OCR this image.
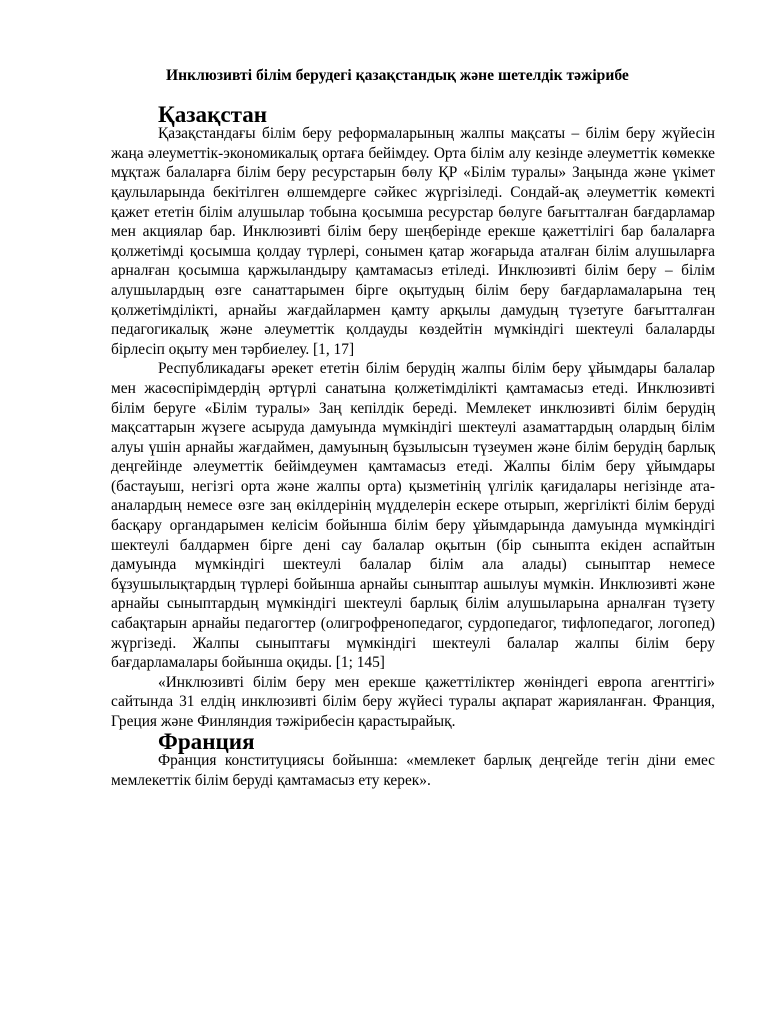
Инклюзивті білім берудегі қазақстандық және шетелдік тәжірибе
Қазақстан

Қазақстандағы білім беру реформаларының жалпы мақсаты – білім беру жүйесін жаңа әлеуметтік-экономикалық ортаға бейімдеу. Орта білім алу кезінде әлеуметтік көмекке мұқтаж балаларға білім беру ресурстарын бөлу ҚР «Білім туралы» Заңында және үкімет қаулыларында бекітілген өлшемдерге сәйкес жүргізіледі. Сондай-ақ әлеуметтік көмекті қажет ететін білім алушылар тобына қосымша ресурстар бөлуге бағытталған бағдарламар мен акциялар бар. Инклюзивті білім беру шеңберінде ерекше қажеттілігі бар балаларға қолжетімді қосымша қолдау түрлері, сонымен қатар жоғарыда аталған білім алушыларға арналған қосымша қаржыландыру қамтамасыз етіледі. Инклюзивті білім беру – білім алушылардың өзге санаттарымен бірге оқытудың білім беру бағдарламаларына тең қолжетімділікті, арнайы жағдайлармен қамту арқылы дамудың түзетуге бағытталған педагогикалық және әлеуметтік қолдауды көздейтін мүмкіндігі шектеулі балаларды бірлесіп оқыту мен тәрбиелеу. [1, 17]

Республикадағы әрекет ететін білім берудің жалпы білім беру ұйымдары балалар мен жасөспірімдердің әртүрлі санатына қолжетімділікті қамтамасыз етеді. Инклюзивті білім беруге «Білім туралы» Заң кепілдік береді. Мемлекет инклюзивті білім берудің мақсаттарын жүзеге асыруда дамуында мүмкіндігі шектеулі азаматтардың олардың білім алуы үшін арнайы жағдаймен, дамуының бұзылысын түзеумен және білім берудің барлық деңгейінде әлеуметтік бейімдеумен қамтамасыз етеді. Жалпы білім беру ұйымдары (бастауыш, негізгі орта және жалпы орта) қызметінің үлгілік қағидалары негізінде ата-аналардың немесе өзге заң өкілдерінің мүдделерін ескере отырып, жергілікті білім беруді басқару органдарымен келісім бойынша білім беру ұйымдарында дамуында мүмкіндігі шектеулі балдармен бірге дені сау балалар оқытын (бір сыныпта екіден аспайтын дамуында мүмкіндігі шектеулі балалар білім ала алады) сыныптар немесе бұзушылықтардың түрлері бойынша арнайы сыныптар ашылуы мүмкін. Инклюзивті және арнайы сыныптардың мүмкіндігі шектеулі барлық білім алушыларына арналған түзету сабақтарын арнайы педагогтер (олигрофренопедагог, сурдопедагог, тифлопедагог, логопед) жүргізеді. Жалпы сыныптағы мүмкіндігі шектеулі балалар жалпы білім беру бағдарламалары бойынша оқиды. [1; 145]

«Инклюзивті білім беру мен ерекше қажеттіліктер жөніндегі европа агенттігі» сайтында 31 елдің инклюзивті білім беру жүйесі туралы ақпарат жарияланған. Франция, Греция және Финляндия тәжірибесін қарастырайық.

Франция

Франция конституциясы бойынша: «мемлекет барлық деңгейде тегін діни емес мемлекеттік білім беруді қамтамасыз ету керек».
